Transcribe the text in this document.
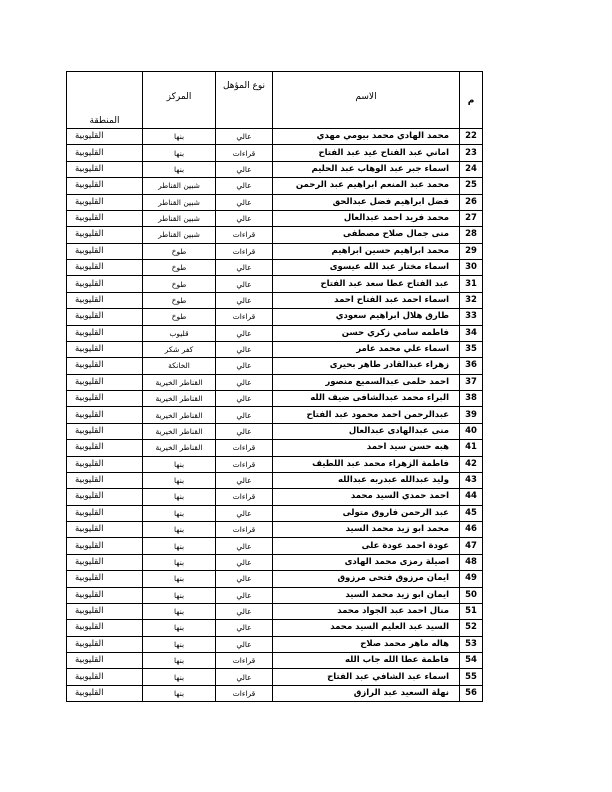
م	الاسم	نوع المؤهل	المركز	المنطقة

22	محمد الهادي محمد بيومي مهدي	عالي	بنها	القليوبية
23	اماني عبد الفتاح عيد عبد الفتاح	قراءات	بنها	القليوبية
24	اسماء جبر عبد الوهاب عبد الحليم	عالي	بنها	القليوبية
25	محمد عبد المنعم ابراهيم عبد الرحمن	عالي	شبين القناطر	القليوبية
26	فضل ابراهيم فضل عبدالحق	عالي	شبين القناطر	القليوبية
27	محمد فريد احمد عبدالعال	عالي	شبين القناطر	القليوبية
28	منى جمال صلاح مصطفى	قراءات	شبين القناطر	القليوبية
29	محمد ابراهيم حسين ابراهيم	قراءات	طوخ	القليوبية
30	اسماء مختار عبد الله عيسوى	عالي	طوخ	القليوبية
31	عبد الفتاح عطا سعد عبد الفتاح	عالي	طوخ	القليوبية
32	اسماء احمد عبد الفتاح احمد	عالي	طوخ	القليوبية
33	طارق هلال ابراهيم سعودي	قراءات	طوخ	القليوبية
34	فاطمه سامي زكري حسن	عالي	قليوب	القليوبية
35	اسماء علي محمد عامر	عالي	كفر شكر	القليوبية
36	زهراء عبدالقادر طاهر بحيرى	عالي	الخانكة	القليوبية
37	احمد حلمى عبدالسميع منصور	عالي	القناطر الخيرية	القليوبية
38	البراء محمد عبدالشافى ضيف الله	عالي	القناطر الخيرية	القليوبية
39	عبدالرحمن احمد محمود عبد الفتاح	عالي	القناطر الخيرية	القليوبية
40	منى عبدالهادى عبدالعال	عالي	القناطر الخيرية	القليوبية
41	هبه حسن سيد احمد	قراءات	القناطر الخيرية	القليوبية
42	فاطمة الزهراء محمد عبد اللطيف	قراءات	بنها	القليوبية
43	وليد عبدالله عبدربه عبدالله	عالي	بنها	القليوبية
44	احمد حمدي السيد محمد	قراءات	بنها	القليوبية
45	عبد الرحمن فاروق متولى	عالي	بنها	القليوبية
46	محمد ابو زيد محمد السيد	قراءات	بنها	القليوبية
47	عودة احمد عودة على	عالي	بنها	القليوبية
48	اصيلة رمزى محمد الهادى	عالي	بنها	القليوبية
49	ايمان مرزوق فتحى مرزوق	عالي	بنها	القليوبية
50	ايمان ابو زيد محمد السيد	عالي	بنها	القليوبية
51	منال احمد عبد الجواد محمد	عالي	بنها	القليوبية
52	السيد عبد العليم السيد محمد	عالي	بنها	القليوبية
53	هاله ماهر محمد صلاح	عالي	بنها	القليوبية
54	فاطمة عطا الله جاب الله	قراءات	بنها	القليوبية
55	اسماء عبد الشافي عبد الفتاح	عالي	بنها	القليوبية
56	نهلة السعيد عبد الرازق	قراءات	بنها	القليوبية
